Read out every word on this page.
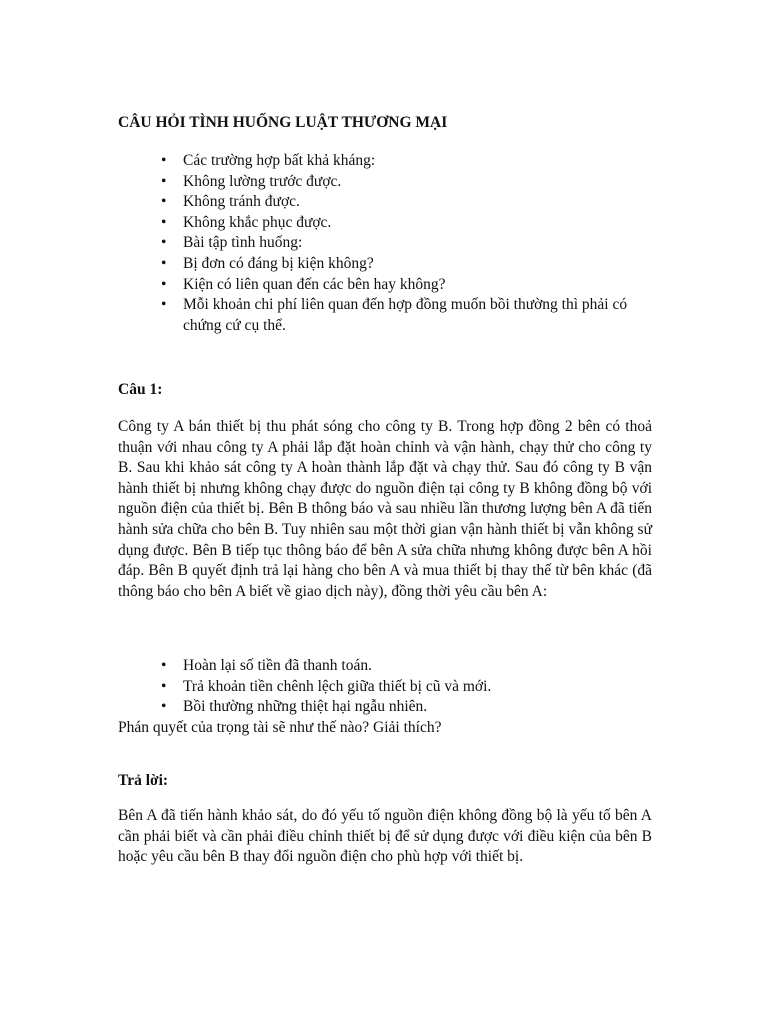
CÂU HỎI TÌNH HUỐNG LUẬT THƯƠNG MẠI
• Các trường hợp bất khả kháng:
• Không lường trước được.
• Không tránh được.
• Không khắc phục được.
• Bài tập tình huống:
• Bị đơn có đáng bị kiện không?
• Kiện có liên quan đến các bên hay không?
• Mỗi khoản chi phí liên quan đến hợp đồng muốn bồi thường thì phải có chứng cứ cụ thể.
Câu 1:

Công ty A bán thiết bị thu phát sóng cho công ty B. Trong hợp đồng 2 bên có thoả thuận với nhau công ty A phải lắp đặt hoàn chỉnh và vận hành, chạy thử cho công ty B. Sau khi khảo sát công ty A hoàn thành lắp đặt và chạy thử. Sau đó công ty B vận hành thiết bị nhưng không chạy được do nguồn điện tại công ty B không đồng bộ với nguồn điện của thiết bị. Bên B thông báo và sau nhiều lần thương lượng bên A đã tiến hành sửa chữa cho bên B. Tuy nhiên sau một thời gian vận hành thiết bị vẫn không sử dụng được. Bên B tiếp tục thông báo để bên A sửa chữa nhưng không được bên A hồi đáp. Bên B quyết định trả lại hàng cho bên A và mua thiết bị thay thế từ bên khác (đã thông báo cho bên A biết về giao dịch này), đồng thời yêu cầu bên A:

• Hoàn lại số tiền đã thanh toán.
• Trả khoản tiền chênh lệch giữa thiết bị cũ và mới.
• Bồi thường những thiệt hại ngẫu nhiên.

Phán quyết của trọng tài sẽ như thế nào? Giải thích?

Trả lời:

Bên A đã tiến hành khảo sát, do đó yếu tố nguồn điện không đồng bộ là yếu tố bên A cần phải biết và cần phải điều chỉnh thiết bị để sử dụng được với điều kiện của bên B hoặc yêu cầu bên B thay đổi nguồn điện cho phù hợp với thiết bị.
